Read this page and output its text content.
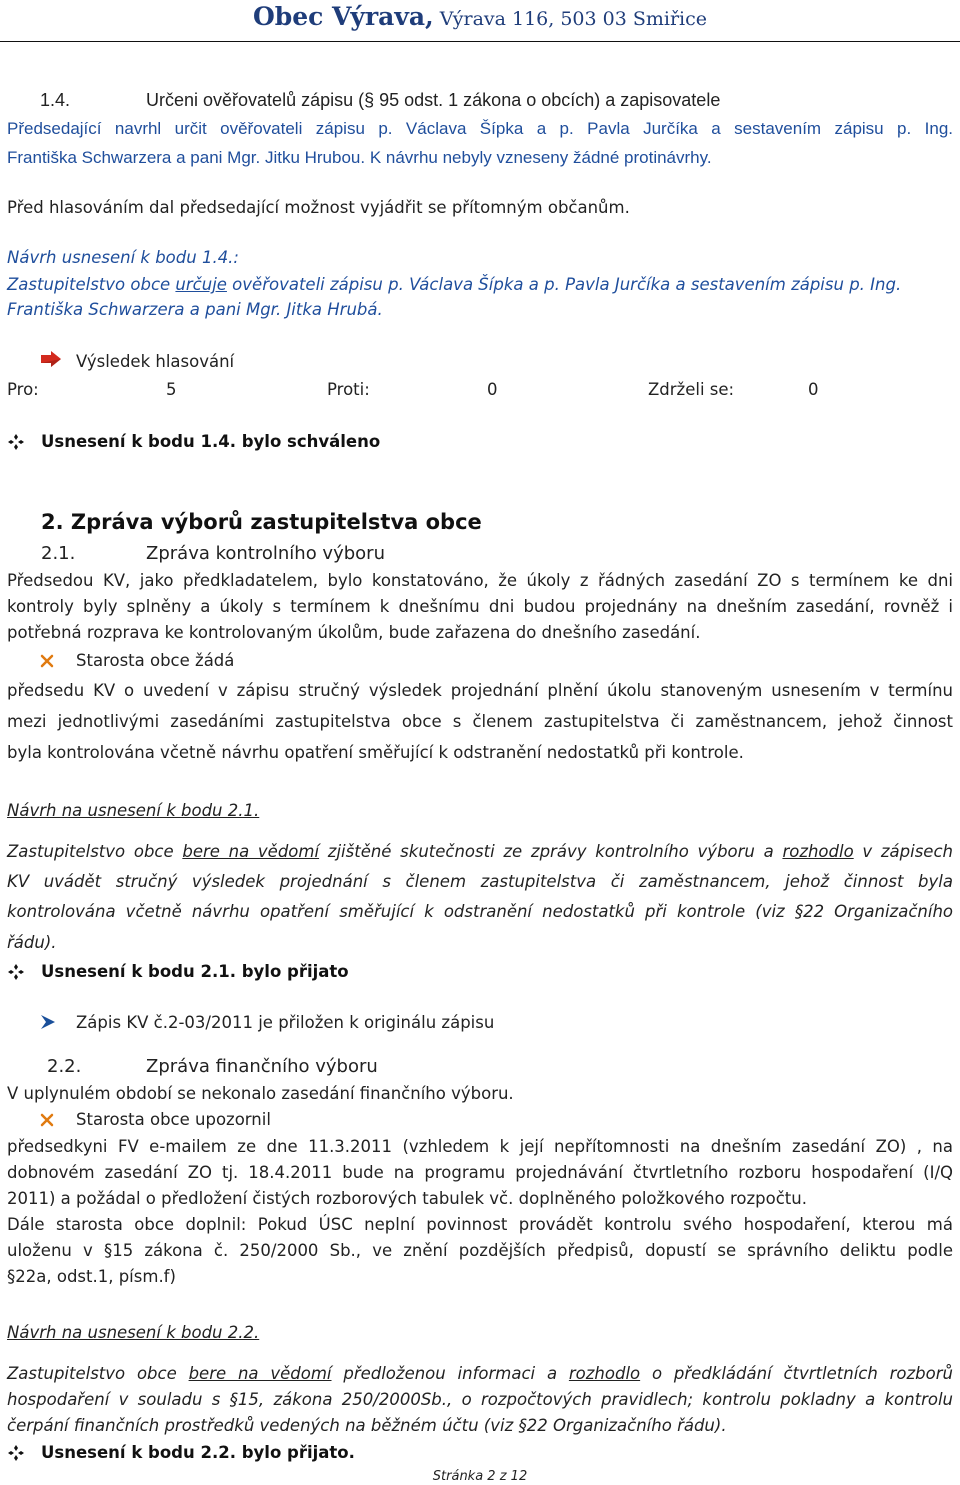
Obec Výrava, Výrava 116, 503 03 Smiřice
1.4.	Určeni ověřovatelů zápisu (§ 95 odst. 1 zákona o obcích) a zapisovatele
Předsedající navrhl určit ověřovateli zápisu p. Václava Šípka a p. Pavla Jurčíka a sestavením zápisu p. Ing.
Františka Schwarzera a pani Mgr. Jitku Hrubou. K návrhu nebyly vzneseny žádné protinávrhy.
Před hlasováním dal předsedající možnost vyjádřit se přítomným občanům.
Návrh usnesení k bodu 1.4.:
Zastupitelstvo obce určuje ověřovateli zápisu p. Václava Šípka a p. Pavla Jurčíka a sestavením zápisu p. Ing.
Františka Schwarzera a pani Mgr. Jitka Hrubá.
Výsledek hlasování
Pro:	5	Proti:	0	Zdrželi se:	0
Usnesení k bodu 1.4. bylo schváleno
2. Zpráva výborů zastupitelstva obce
2.1.	Zpráva kontrolního výboru
Předsedou KV, jako předkladatelem, bylo konstatováno, že úkoly z řádných zasedání ZO s termínem ke dni
kontroly byly splněny a úkoly s termínem k dnešnímu dni budou projednány na dnešním zasedání, rovněž i
potřebná rozprava ke kontrolovaným úkolům, bude zařazena do dnešního zasedání.
Starosta obce žádá
předsedu KV o uvedení v zápisu stručný výsledek projednání plnění úkolu stanoveným usnesením v termínu
mezi jednotlivými zasedáními zastupitelstva obce s členem zastupitelstva či zaměstnancem, jehož činnost
byla kontrolována včetně návrhu opatření směřující k odstranění nedostatků při kontrole.
Návrh na usnesení k bodu 2.1.
Zastupitelstvo obce bere na vědomí zjištěné skutečnosti ze zprávy kontrolního výboru a rozhodlo v zápisech
KV uvádět stručný výsledek projednání s členem zastupitelstva či zaměstnancem, jehož činnost byla
kontrolována včetně návrhu opatření směřující k odstranění nedostatků při kontrole (viz §22 Organizačního
řádu).
Usnesení k bodu 2.1. bylo přijato
Zápis KV č.2-03/2011 je přiložen k originálu zápisu
2.2.	Zpráva finančního výboru
V uplynulém období se nekonalo zasedání finančního výboru.
Starosta obce upozornil
předsedkyni FV e-mailem ze dne 11.3.2011 (vzhledem k její nepřítomnosti na dnešním zasedání ZO) , na
dobnovém zasedání ZO tj. 18.4.2011 bude na programu projednávání čtvrtletního rozboru hospodaření (I/Q
2011) a požádal o předložení čistých rozborových tabulek vč. doplněného položkového rozpočtu.
Dále starosta obce doplnil: Pokud ÚSC neplní povinnost provádět kontrolu svého hospodaření, kterou má
uloženu v §15 zákona č. 250/2000 Sb., ve znění pozdějších předpisů, dopustí se správního deliktu podle
§22a, odst.1, písm.f)
Návrh na usnesení k bodu 2.2.
Zastupitelstvo obce bere na vědomí předloženou informaci a rozhodlo o předkládání čtvrtletních rozborů
hospodaření v souladu s §15, zákona 250/2000Sb., o rozpočtových pravidlech; kontrolu pokladny a kontrolu
čerpání finančních prostředků vedených na běžném účtu (viz §22 Organizačního řádu).
Usnesení k bodu 2.2. bylo přijato.
Stránka 2 z 12
